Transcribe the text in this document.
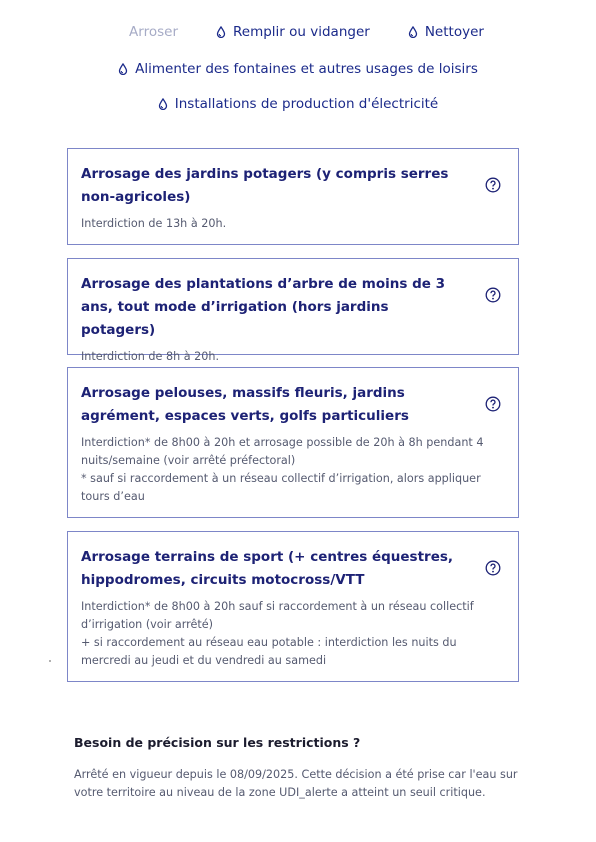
Arroser	Remplir ou vidanger	Nettoyer
Alimenter des fontaines et autres usages de loisirs
Installations de production d'électricité
Arrosage des jardins potagers (y compris serres non-agricoles)
Interdiction de 13h à 20h.
Arrosage des plantations d’arbre de moins de 3 ans, tout mode d’irrigation (hors jardins potagers)
Interdiction de 8h à 20h.
Arrosage pelouses, massifs fleuris, jardins agrément, espaces verts, golfs particuliers
Interdiction* de 8h00 à 20h et arrosage possible de 20h à 8h pendant 4 nuits/semaine (voir arrêté préfectoral)
* sauf si raccordement à un réseau collectif d’irrigation, alors appliquer tours d’eau
Arrosage terrains de sport (+ centres équestres, hippodromes, circuits motocross/VTT
Interdiction* de 8h00 à 20h sauf si raccordement à un réseau collectif d’irrigation (voir arrêté)
+ si raccordement au réseau eau potable : interdiction les nuits du mercredi au jeudi et du vendredi au samedi
Besoin de précision sur les restrictions ?

Arrêté en vigueur depuis le 08/09/2025. Cette décision a été prise car l'eau sur votre territoire au niveau de la zone UDI_alerte a atteint un seuil critique.
